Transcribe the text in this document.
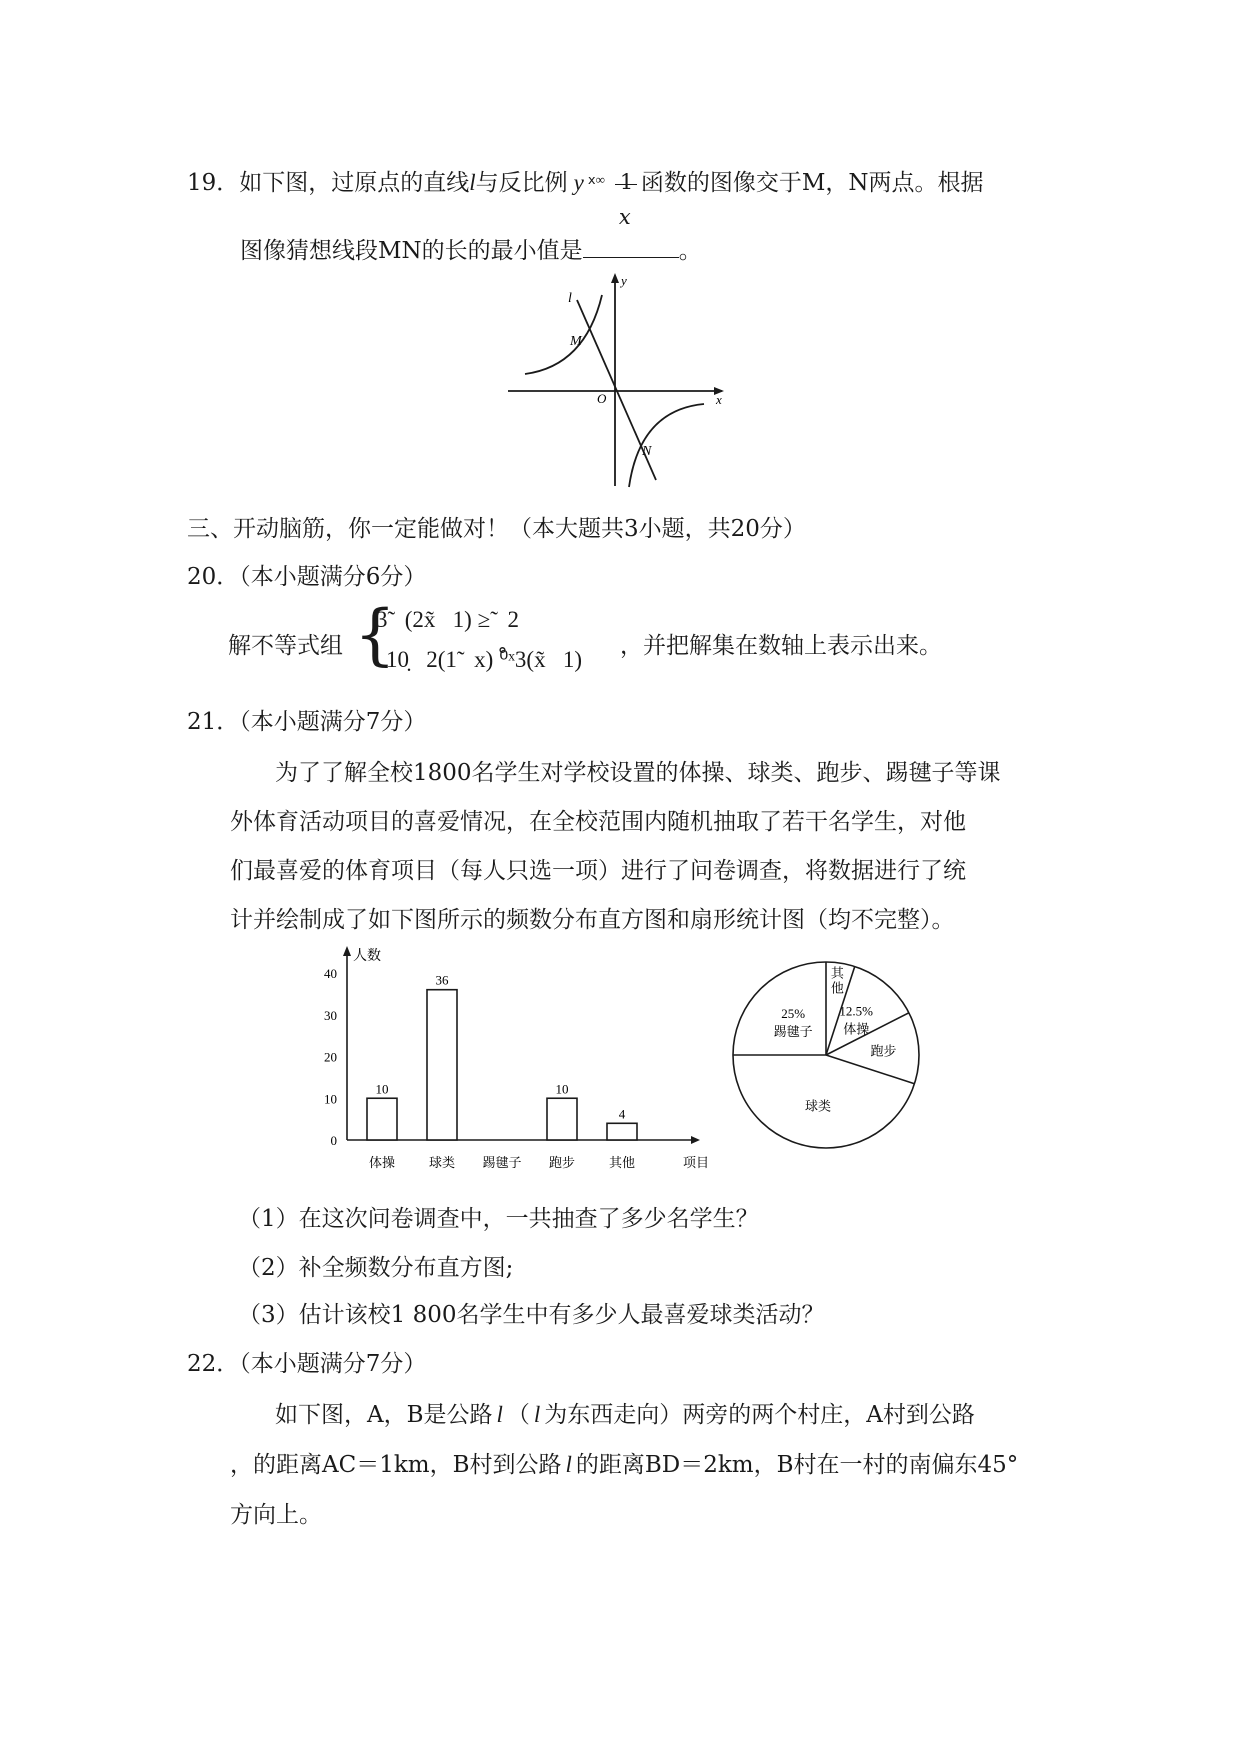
19．如下图，过原点的直线l与反比例 y $^{ⅹ\infty}$ 1
x
函数的图像交于M，N两点。根据
图像猜想线段MN的长的最小值是	。
l
y
x
O
M
N
三、开动脑筋，你一定能做对！（本大题共3小题，共20分）
20．（本小题满分6分）
解不等式组 {
3̃   (2x̃   1) ≥̃   2
10̣   2(1̃   x) ⁰̊ˣ3(x̃   1)
，并把解集在数轴上表示出来。
21．（本小题满分7分）
为了了解全校1800名学生对学校设置的体操、球类、跑步、踢毽子等课
外体育活动项目的喜爱情况，在全校范围内随机抽取了若干名学生，对他
们最喜爱的体育项目（每人只选一项）进行了问卷调查，将数据进行了统
计并绘制成了如下图所示的频数分布直方图和扇形统计图（均不完整）。
人数
0
10
20
30
40
体操
10
球类
36
踢毽子 跑步
10
其他
4
项目
其
他
12.5%
体操
跑步
球类
25%
踢毽子
（1）在这次问卷调查中，一共抽查了多少名学生？
（2）补全频数分布直方图;
（3）估计该校1 800名学生中有多少人最喜爱球类活动？
22．（本小题满分7分）
如下图，A，B是公路 l （ l 为东西走向）两旁的两个村庄，A村到公路
，的距离AC＝1km，B村到公路 l 的距离BD＝2km，B村在一村的南偏东45°
方向上。
